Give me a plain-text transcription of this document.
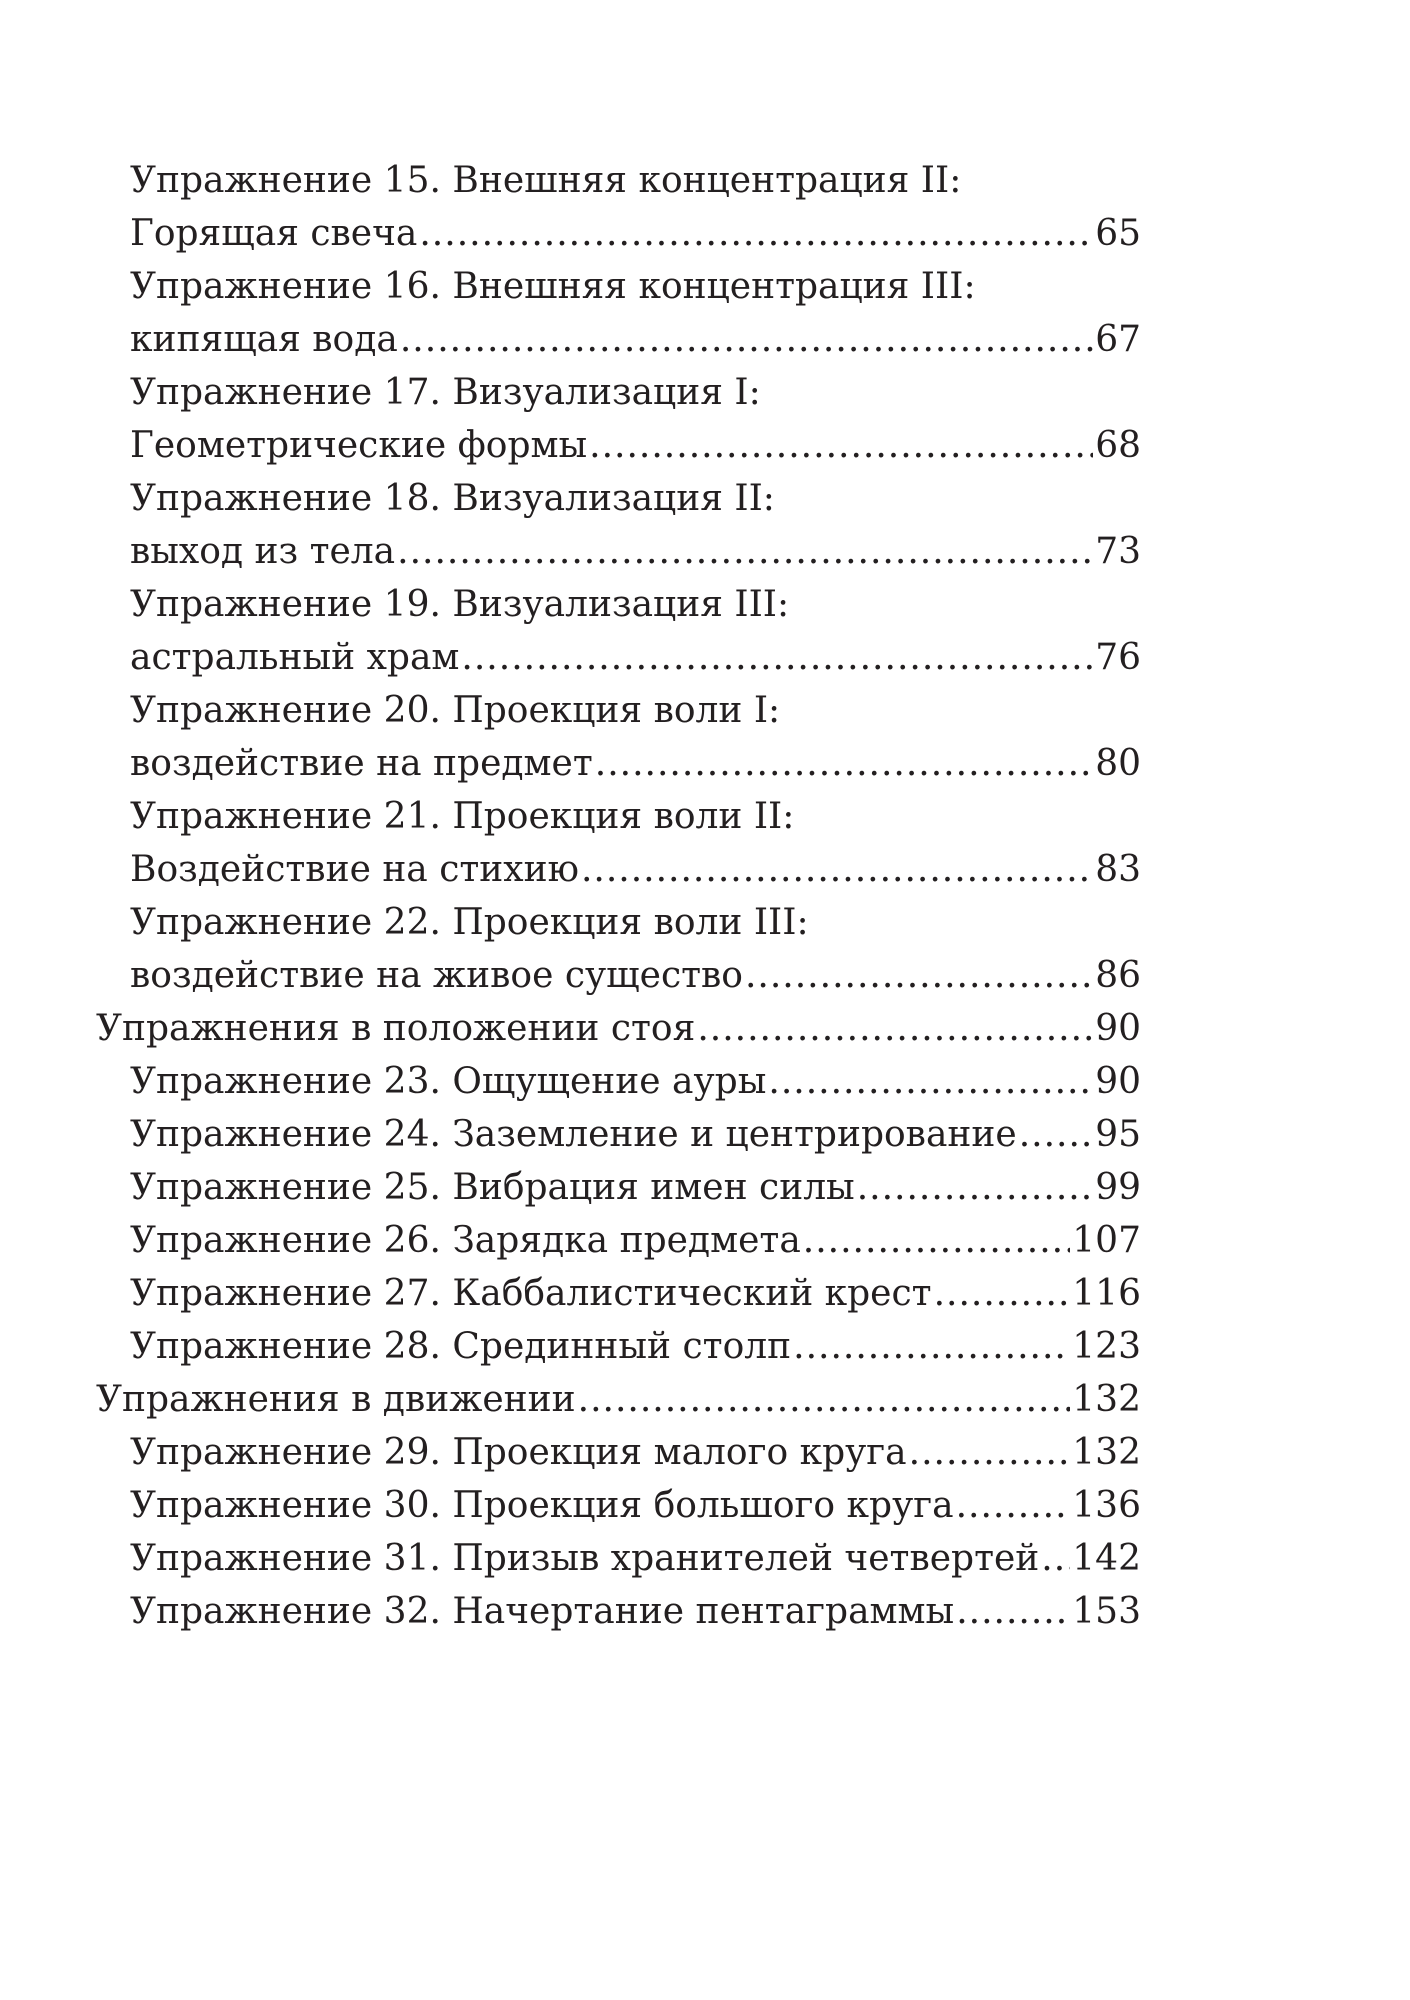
Упражнение 15. Внешняя концентрация II:
Горящая свеча .....	65
Упражнение 16. Внешняя концентрация III:
кипящая вода .....	67
Упражнение 17. Визуализация I:
Геометрические формы .....	68
Упражнение 18. Визуализация II:
выход из тела .....	73
Упражнение 19. Визуализация III:
астральный храм .....	76
Упражнение 20. Проекция воли I:
воздействие на предмет .....	80
Упражнение 21. Проекция воли II:
Воздействие на стихию .....	83
Упражнение 22. Проекция воли III:
воздействие на живое существо .....	86
Упражнения в положении стоя .....	90
Упражнение 23. Ощущение ауры .....	90
Упражнение 24. Заземление и центрирование ..... 95
Упражнение 25. Вибрация имен силы .....	99
Упражнение 26. Зарядка предмета .....	107
Упражнение 27. Каббалистический крест .....	116
Упражнение 28. Срединный столп .....	123
Упражнения в движении .....	132
Упражнение 29. Проекция малого круга .....	132
Упражнение 30. Проекция большого круга .....	136
Упражнение 31. Призыв хранителей четвертей ..... 142
Упражнение 32. Начертание пентаграммы .....	153
